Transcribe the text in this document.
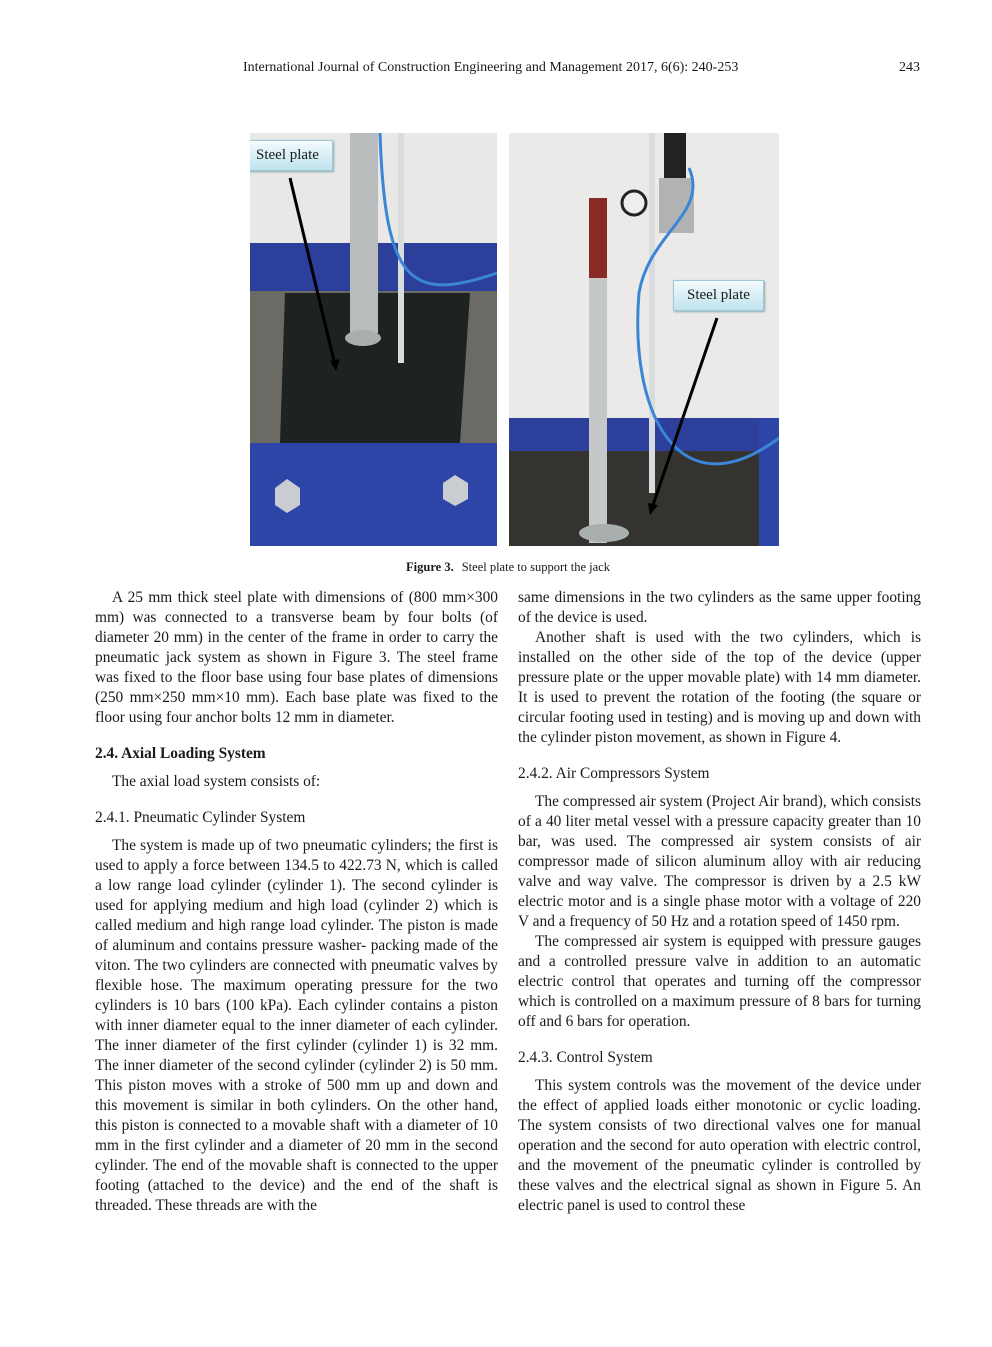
International Journal of Construction Engineering and Management 2017, 6(6): 240-253	243
Steel plate
Steel plate
Figure 3. Steel plate to support the jack

A 25 mm thick steel plate with dimensions of (800 mm×300 mm) was connected to a transverse beam by four bolts (of diameter 20 mm) in the center of the frame in order to carry the pneumatic jack system as shown in Figure 3. The steel frame was fixed to the floor base using four base plates of dimensions (250 mm×250 mm×10 mm). Each base plate was fixed to the floor using four anchor bolts 12 mm in diameter.

2.4. Axial Loading System

The axial load system consists of:

2.4.1. Pneumatic Cylinder System

The system is made up of two pneumatic cylinders; the first is used to apply a force between 134.5 to 422.73 N, which is called a low range load cylinder (cylinder 1). The second cylinder is used for applying medium and high load (cylinder 2) which is called medium and high range load cylinder. The piston is made of aluminum and contains pressure washer- packing made of the viton. The two cylinders are connected with pneumatic valves by flexible hose. The maximum operating pressure for the two cylinders is 10 bars (100 kPa). Each cylinder contains a piston with inner diameter equal to the inner diameter of each cylinder. The inner diameter of the first cylinder (cylinder 1) is 32 mm. The inner diameter of the second cylinder (cylinder 2) is 50 mm. This piston moves with a stroke of 500 mm up and down and this movement is similar in both cylinders. On the other hand, this piston is connected to a movable shaft with a diameter of 10 mm in the first cylinder and a diameter of 20 mm in the second cylinder. The end of the movable shaft is connected to the upper footing (attached to the device) and the end of the shaft is threaded. These threads are with the

same dimensions in the two cylinders as the same upper footing of the device is used.

Another shaft is used with the two cylinders, which is installed on the other side of the top of the device (upper pressure plate or the upper movable plate) with 14 mm diameter. It is used to prevent the rotation of the footing (the square or circular footing used in testing) and is moving up and down with the cylinder piston movement, as shown in Figure 4.

2.4.2. Air Compressors System

The compressed air system (Project Air brand), which consists of a 40 liter metal vessel with a pressure capacity greater than 10 bar, was used. The compressed air system consists of air compressor made of silicon aluminum alloy with air reducing valve and way valve. The compressor is driven by a 2.5 kW electric motor and is a single phase motor with a voltage of 220 V and a frequency of 50 Hz and a rotation speed of 1450 rpm.

The compressed air system is equipped with pressure gauges and a controlled pressure valve in addition to an automatic electric control that operates and turning off the compressor which is controlled on a maximum pressure of 8 bars for turning off and 6 bars for operation.

2.4.3. Control System

This system controls was the movement of the device under the effect of applied loads either monotonic or cyclic loading. The system consists of two directional valves one for manual operation and the second for auto operation with electric control, and the movement of the pneumatic cylinder is controlled by these valves and the electrical signal as shown in Figure 5. An electric panel is used to control these
